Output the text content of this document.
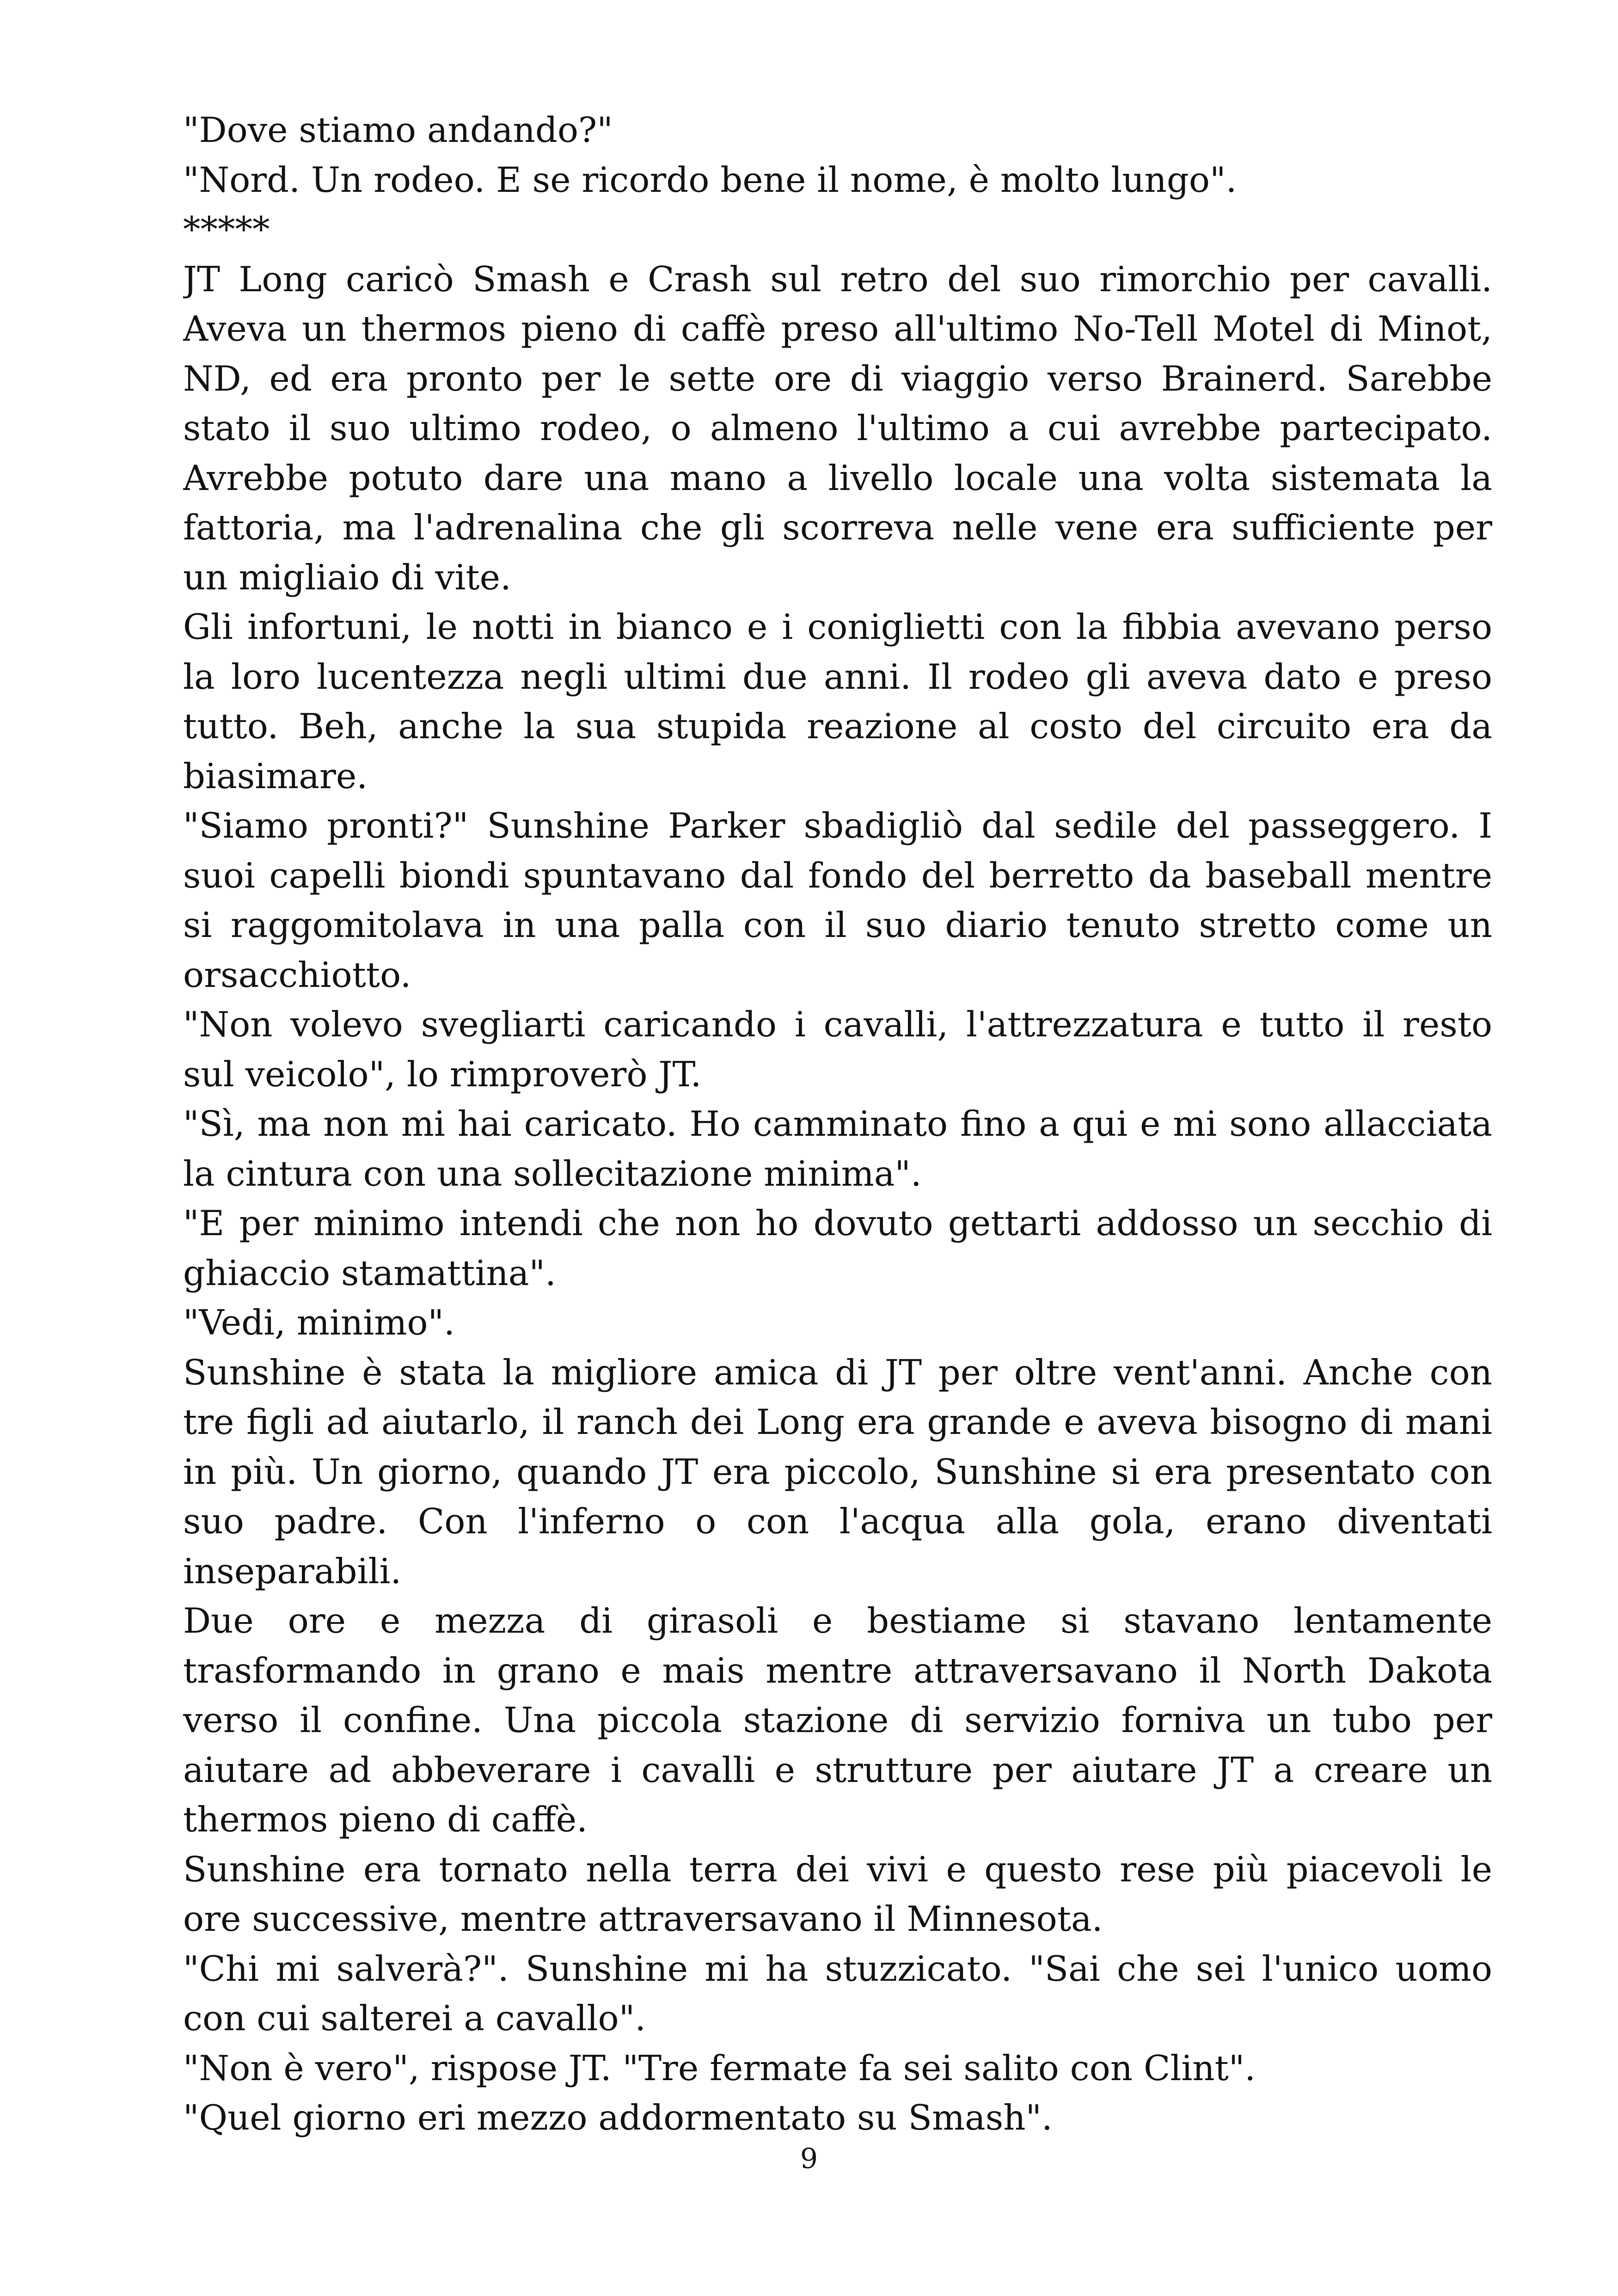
"Dove stiamo andando?"
"Nord. Un rodeo. E se ricordo bene il nome, è molto lungo".
*****
JT Long caricò Smash e Crash sul retro del suo rimorchio per cavalli.
Aveva un thermos pieno di caffè preso all'ultimo No-Tell Motel di Minot,
ND, ed era pronto per le sette ore di viaggio verso Brainerd. Sarebbe
stato il suo ultimo rodeo, o almeno l'ultimo a cui avrebbe partecipato.
Avrebbe potuto dare una mano a livello locale una volta sistemata la
fattoria, ma l'adrenalina che gli scorreva nelle vene era sufficiente per
un migliaio di vite.
Gli infortuni, le notti in bianco e i coniglietti con la fibbia avevano perso
la loro lucentezza negli ultimi due anni. Il rodeo gli aveva dato e preso
tutto. Beh, anche la sua stupida reazione al costo del circuito era da
biasimare.
"Siamo pronti?" Sunshine Parker sbadigliò dal sedile del passeggero. I
suoi capelli biondi spuntavano dal fondo del berretto da baseball mentre
si raggomitolava in una palla con il suo diario tenuto stretto come un
orsacchiotto.
"Non volevo svegliarti caricando i cavalli, l'attrezzatura e tutto il resto
sul veicolo", lo rimproverò JT.
"Sì, ma non mi hai caricato. Ho camminato fino a qui e mi sono allacciata
la cintura con una sollecitazione minima".
"E per minimo intendi che non ho dovuto gettarti addosso un secchio di
ghiaccio stamattina".
"Vedi, minimo".
Sunshine è stata la migliore amica di JT per oltre vent'anni. Anche con
tre figli ad aiutarlo, il ranch dei Long era grande e aveva bisogno di mani
in più. Un giorno, quando JT era piccolo, Sunshine si era presentato con
suo padre. Con l'inferno o con l'acqua alla gola, erano diventati
inseparabili.
Due ore e mezza di girasoli e bestiame si stavano lentamente
trasformando in grano e mais mentre attraversavano il North Dakota
verso il confine. Una piccola stazione di servizio forniva un tubo per
aiutare ad abbeverare i cavalli e strutture per aiutare JT a creare un
thermos pieno di caffè.
Sunshine era tornato nella terra dei vivi e questo rese più piacevoli le
ore successive, mentre attraversavano il Minnesota.
"Chi mi salverà?". Sunshine mi ha stuzzicato. "Sai che sei l'unico uomo
con cui salterei a cavallo".
"Non è vero", rispose JT. "Tre fermate fa sei salito con Clint".
"Quel giorno eri mezzo addormentato su Smash".
9
